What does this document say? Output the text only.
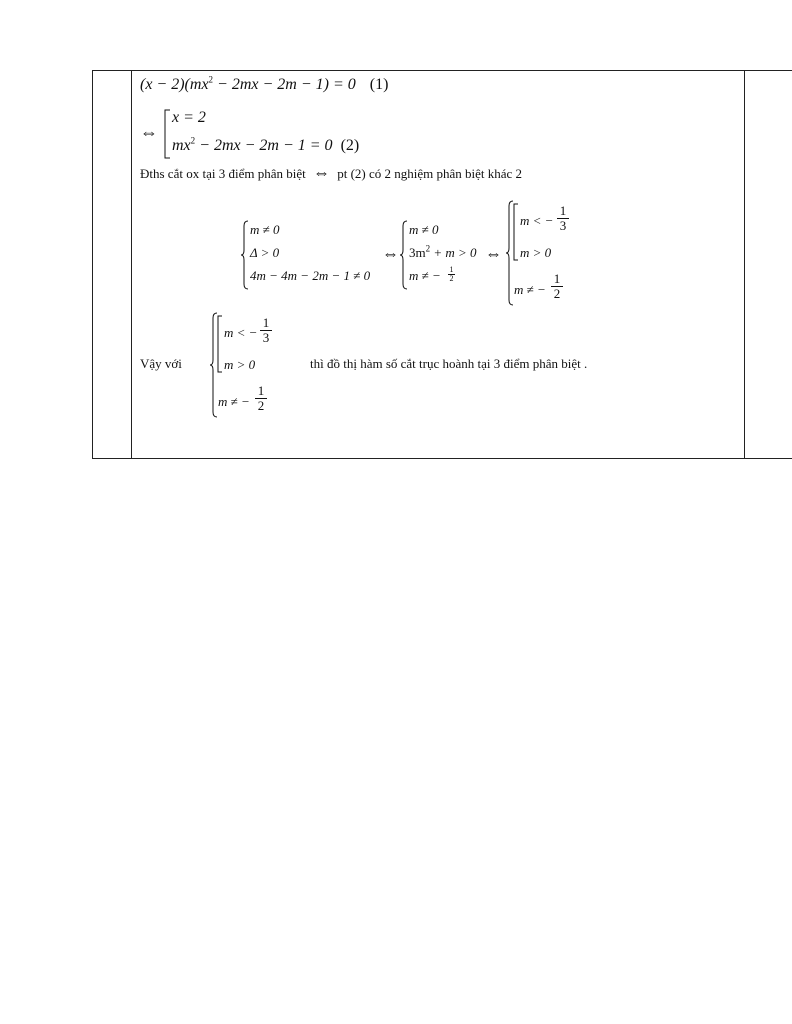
$(x - 2)(mx^2 - 2mx - 2m - 1) = 0$ (1)
⇔
x = 2
$mx^2 - 2mx - 2m - 1 = 0$ (2)
Đths cắt ox tại 3 điểm phân biệt ⇔ pt (2) có 2 nghiệm phân biệt khác 2
m ≠ 0
Δ > 0
4m − 4m − 2m − 1 ≠ 0
⇔
m ≠ 0
$3m^2 + m > 0$
m ≠ − 1
2
⇔
m < −
1
3
m > 0
m ≠ −
1
2
Vậy với
m < −
1
3
m > 0
m ≠ −
1
2
thì đồ thị hàm số cắt trục hoành tại 3 điểm phân biệt .
